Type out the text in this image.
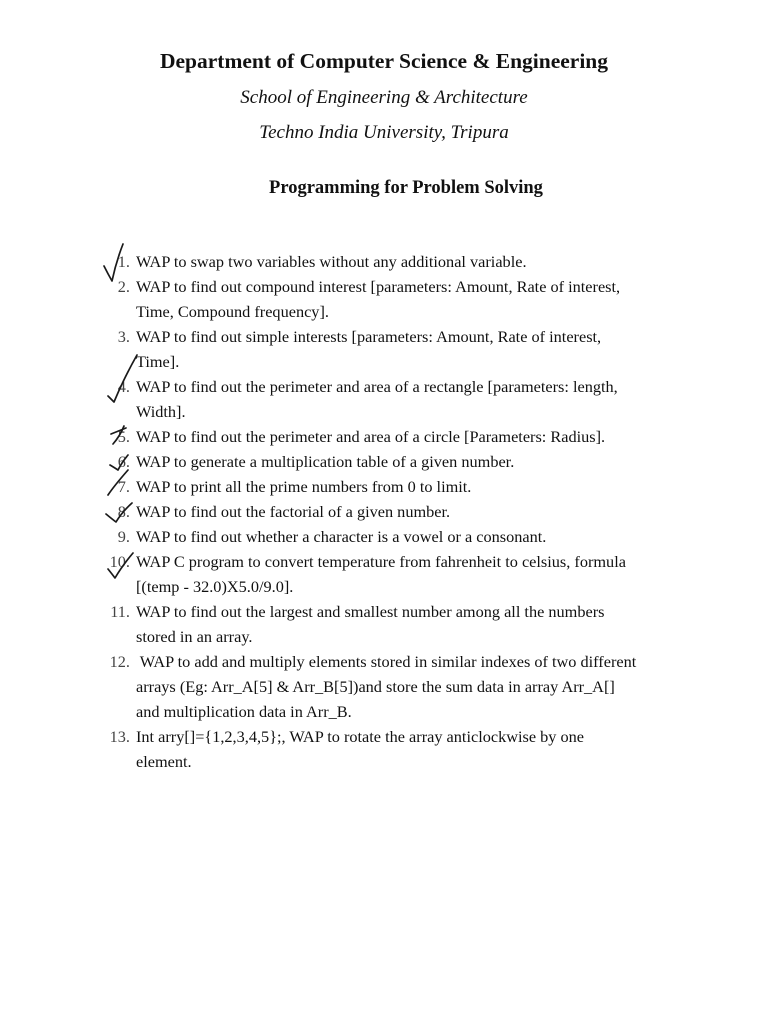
Department of Computer Science & Engineering
School of Engineering & Architecture
Techno India University, Tripura
Programming for Problem Solving
1. WAP to swap two variables without any additional variable.
2. WAP to find out compound interest [parameters: Amount, Rate of interest,
Time, Compound frequency].
3. WAP to find out simple interests [parameters: Amount, Rate of interest,
Time].
4. WAP to find out the perimeter and area of a rectangle [parameters: length,
Width].
5. WAP to find out the perimeter and area of a circle [Parameters: Radius].
6. WAP to generate a multiplication table of a given number.
7. WAP to print all the prime numbers from 0 to limit.
8. WAP to find out the factorial of a given number.
9. WAP to find out whether a character is a vowel or a consonant.
10. WAP C program to convert temperature from fahrenheit to celsius, formula
[(temp - 32.0)X5.0/9.0].
11. WAP to find out the largest and smallest number among all the numbers
stored in an array.
12. WAP to add and multiply elements stored in similar indexes of two different
arrays (Eg: Arr_A[5] & Arr_B[5])and store the sum data in array Arr_A[]
and multiplication data in Arr_B.
13. Int arry[]={1,2,3,4,5};, WAP to rotate the array anticlockwise by one
element.
